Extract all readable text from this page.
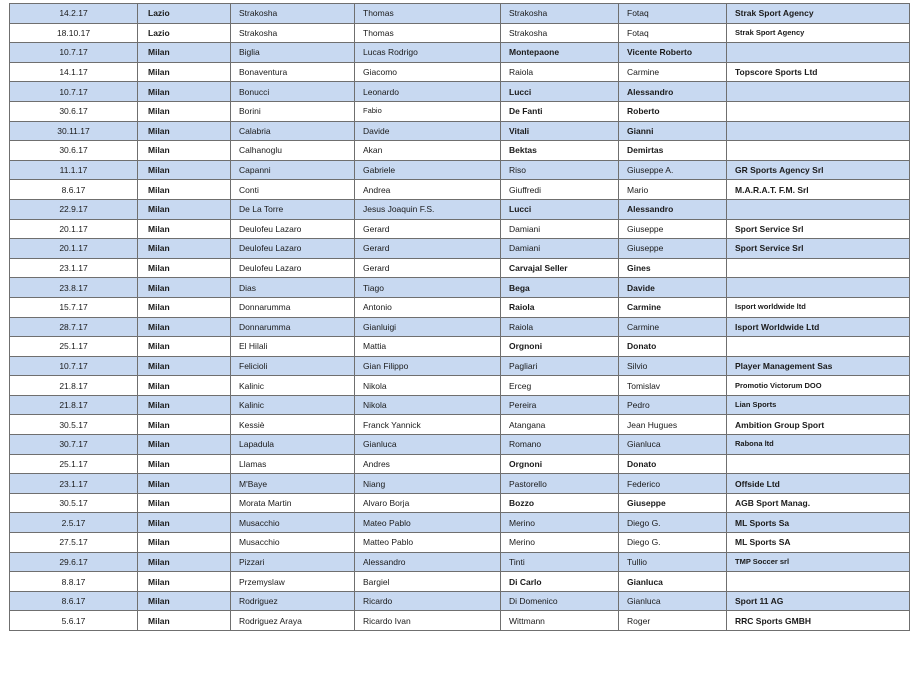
14.2.17	Lazio	Strakosha	Thomas	Strakosha	Fotaq	Strak Sport Agency
18.10.17	Lazio	Strakosha	Thomas	Strakosha	Fotaq	Strak Sport Agency
10.7.17	Milan	Biglia	Lucas Rodrigo	Montepaone	Vicente Roberto	
14.1.17	Milan	Bonaventura	Giacomo	Raiola	Carmine	Topscore Sports Ltd
10.7.17	Milan	Bonucci	Leonardo	Lucci	Alessandro	
30.6.17	Milan	Borini	Fabio	De Fanti	Roberto	
30.11.17	Milan	Calabria	Davide	Vitali	Gianni	
30.6.17	Milan	Calhanoglu	Akan	Bektas	Demirtas	
11.1.17	Milan	Capanni	Gabriele	Riso	Giuseppe A.	GR Sports Agency Srl
8.6.17	Milan	Conti	Andrea	Giuffredi	Mario	M.A.R.A.T. F.M. Srl
22.9.17	Milan	De La Torre	Jesus Joaquin F.S.	Lucci	Alessandro	
20.1.17	Milan	Deulofeu Lazaro	Gerard	Damiani	Giuseppe	Sport Service Srl
20.1.17	Milan	Deulofeu Lazaro	Gerard	Damiani	Giuseppe	Sport Service Srl
23.1.17	Milan	Deulofeu Lazaro	Gerard	Carvajal Seller	Gines	
23.8.17	Milan	Dias	Tiago	Bega	Davide	
15.7.17	Milan	Donnarumma	Antonio	Raiola	Carmine	Isport worldwide ltd
28.7.17	Milan	Donnarumma	Gianluigi	Raiola	Carmine	Isport Worldwide Ltd
25.1.17	Milan	El Hilali	Mattia	Orgnoni	Donato	
10.7.17	Milan	Felicioli	Gian Filippo	Pagliari	Silvio	Player Management Sas
21.8.17	Milan	Kalinic	Nikola	Erceg	Tomislav	Promotio Victorum DOO
21.8.17	Milan	Kalinic	Nikola	Pereira	Pedro	Lian Sports
30.5.17	Milan	Kessiè	Franck Yannick	Atangana	Jean Hugues	Ambition Group Sport
30.7.17	Milan	Lapadula	Gianluca	Romano	Gianluca	Rabona ltd
25.1.17	Milan	Llamas	Andres	Orgnoni	Donato	
23.1.17	Milan	M'Baye	Niang	Pastorello	Federico	Offside Ltd
30.5.17	Milan	Morata Martin	Alvaro Borja	Bozzo	Giuseppe	AGB Sport Manag.
2.5.17	Milan	Musacchio	Mateo Pablo	Merino	Diego G.	ML Sports Sa
27.5.17	Milan	Musacchio	Matteo Pablo	Merino	Diego G.	ML Sports SA
29.6.17	Milan	Pizzari	Alessandro	Tinti	Tullio	TMP Soccer srl
8.8.17	Milan	Przemyslaw	Bargiel	Di Carlo	Gianluca	
8.6.17	Milan	Rodriguez	Ricardo	Di Domenico	Gianluca	Sport 11 AG
5.6.17	Milan	Rodriguez Araya	Ricardo Ivan	Wittmann	Roger	RRC Sports GMBH
